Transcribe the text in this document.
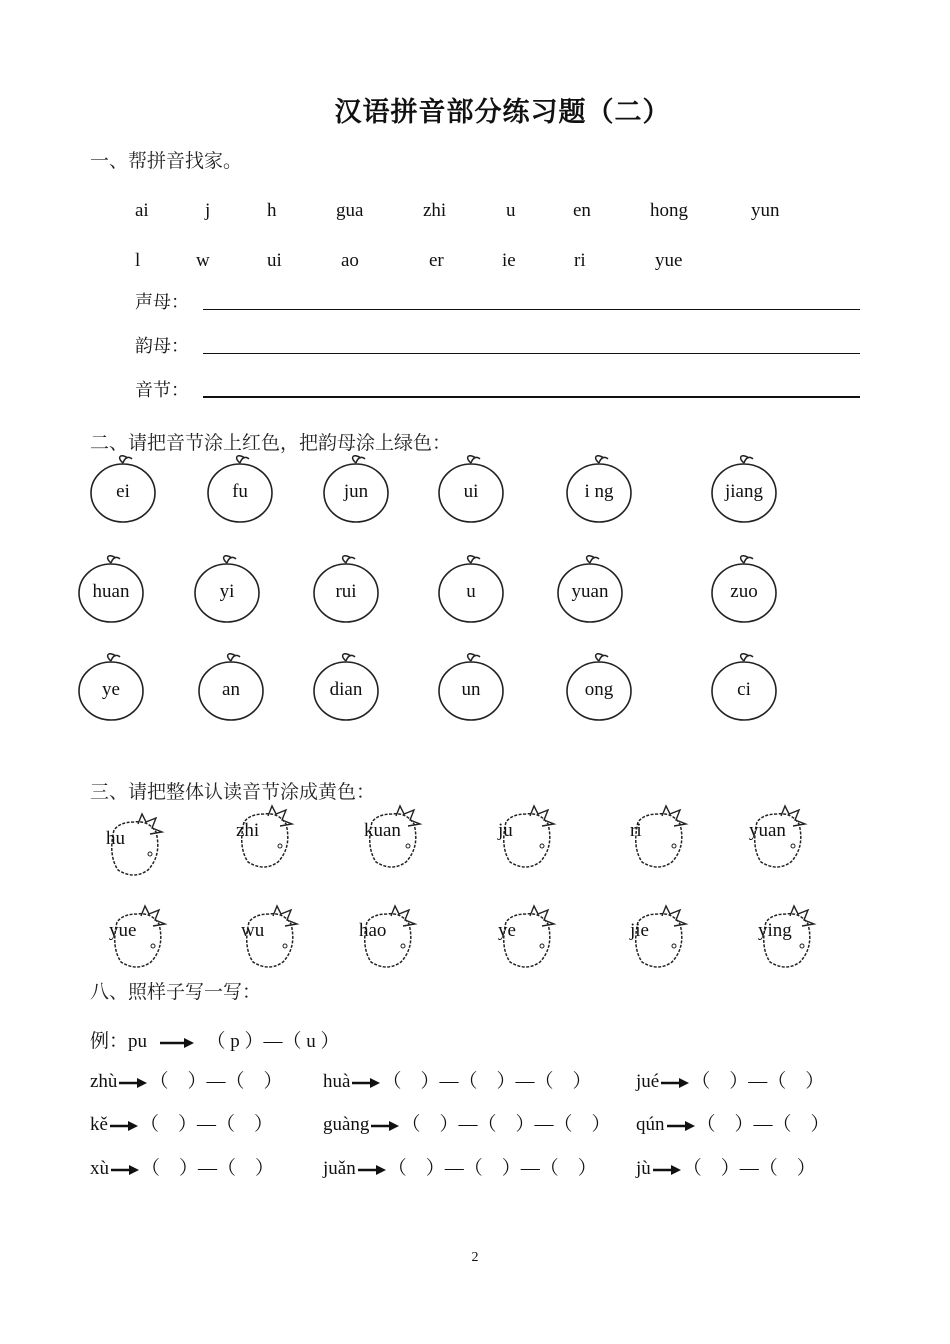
汉语拼音部分练习题（二）
一、帮拼音找家。
ai	j	h	gua	zhi	u	en	hong	yun
l	w	ui	ao	er	ie	ri	yue
声母：
韵母：
音节：
二、请把音节涂上红色，把韵母涂上绿色：
ei	fu	jun	ui	i ng	jiang
huan	yi	rui	u	yuan	zuo
ye	an	dian	un	ong	ci
三、请把整体认读音节涂成黄色：
hu	zhi	kuan	ju	ri	yuan
yue	wu	hao	ye	jie	ying
八、照样子写一写：
例：pu	（ p ）—（ u ）
zhù （    ）—（    ） huà （    ）—（    ）—（    ） jué （    ）—（    ）
kě （    ）—（    ）	guàng （    ）—（    ）—（    ） qún （    ）—（    ）
xù （    ）—（    ）	juǎn （    ）—（    ）—（    ） jù （    ）—（    ）
2
